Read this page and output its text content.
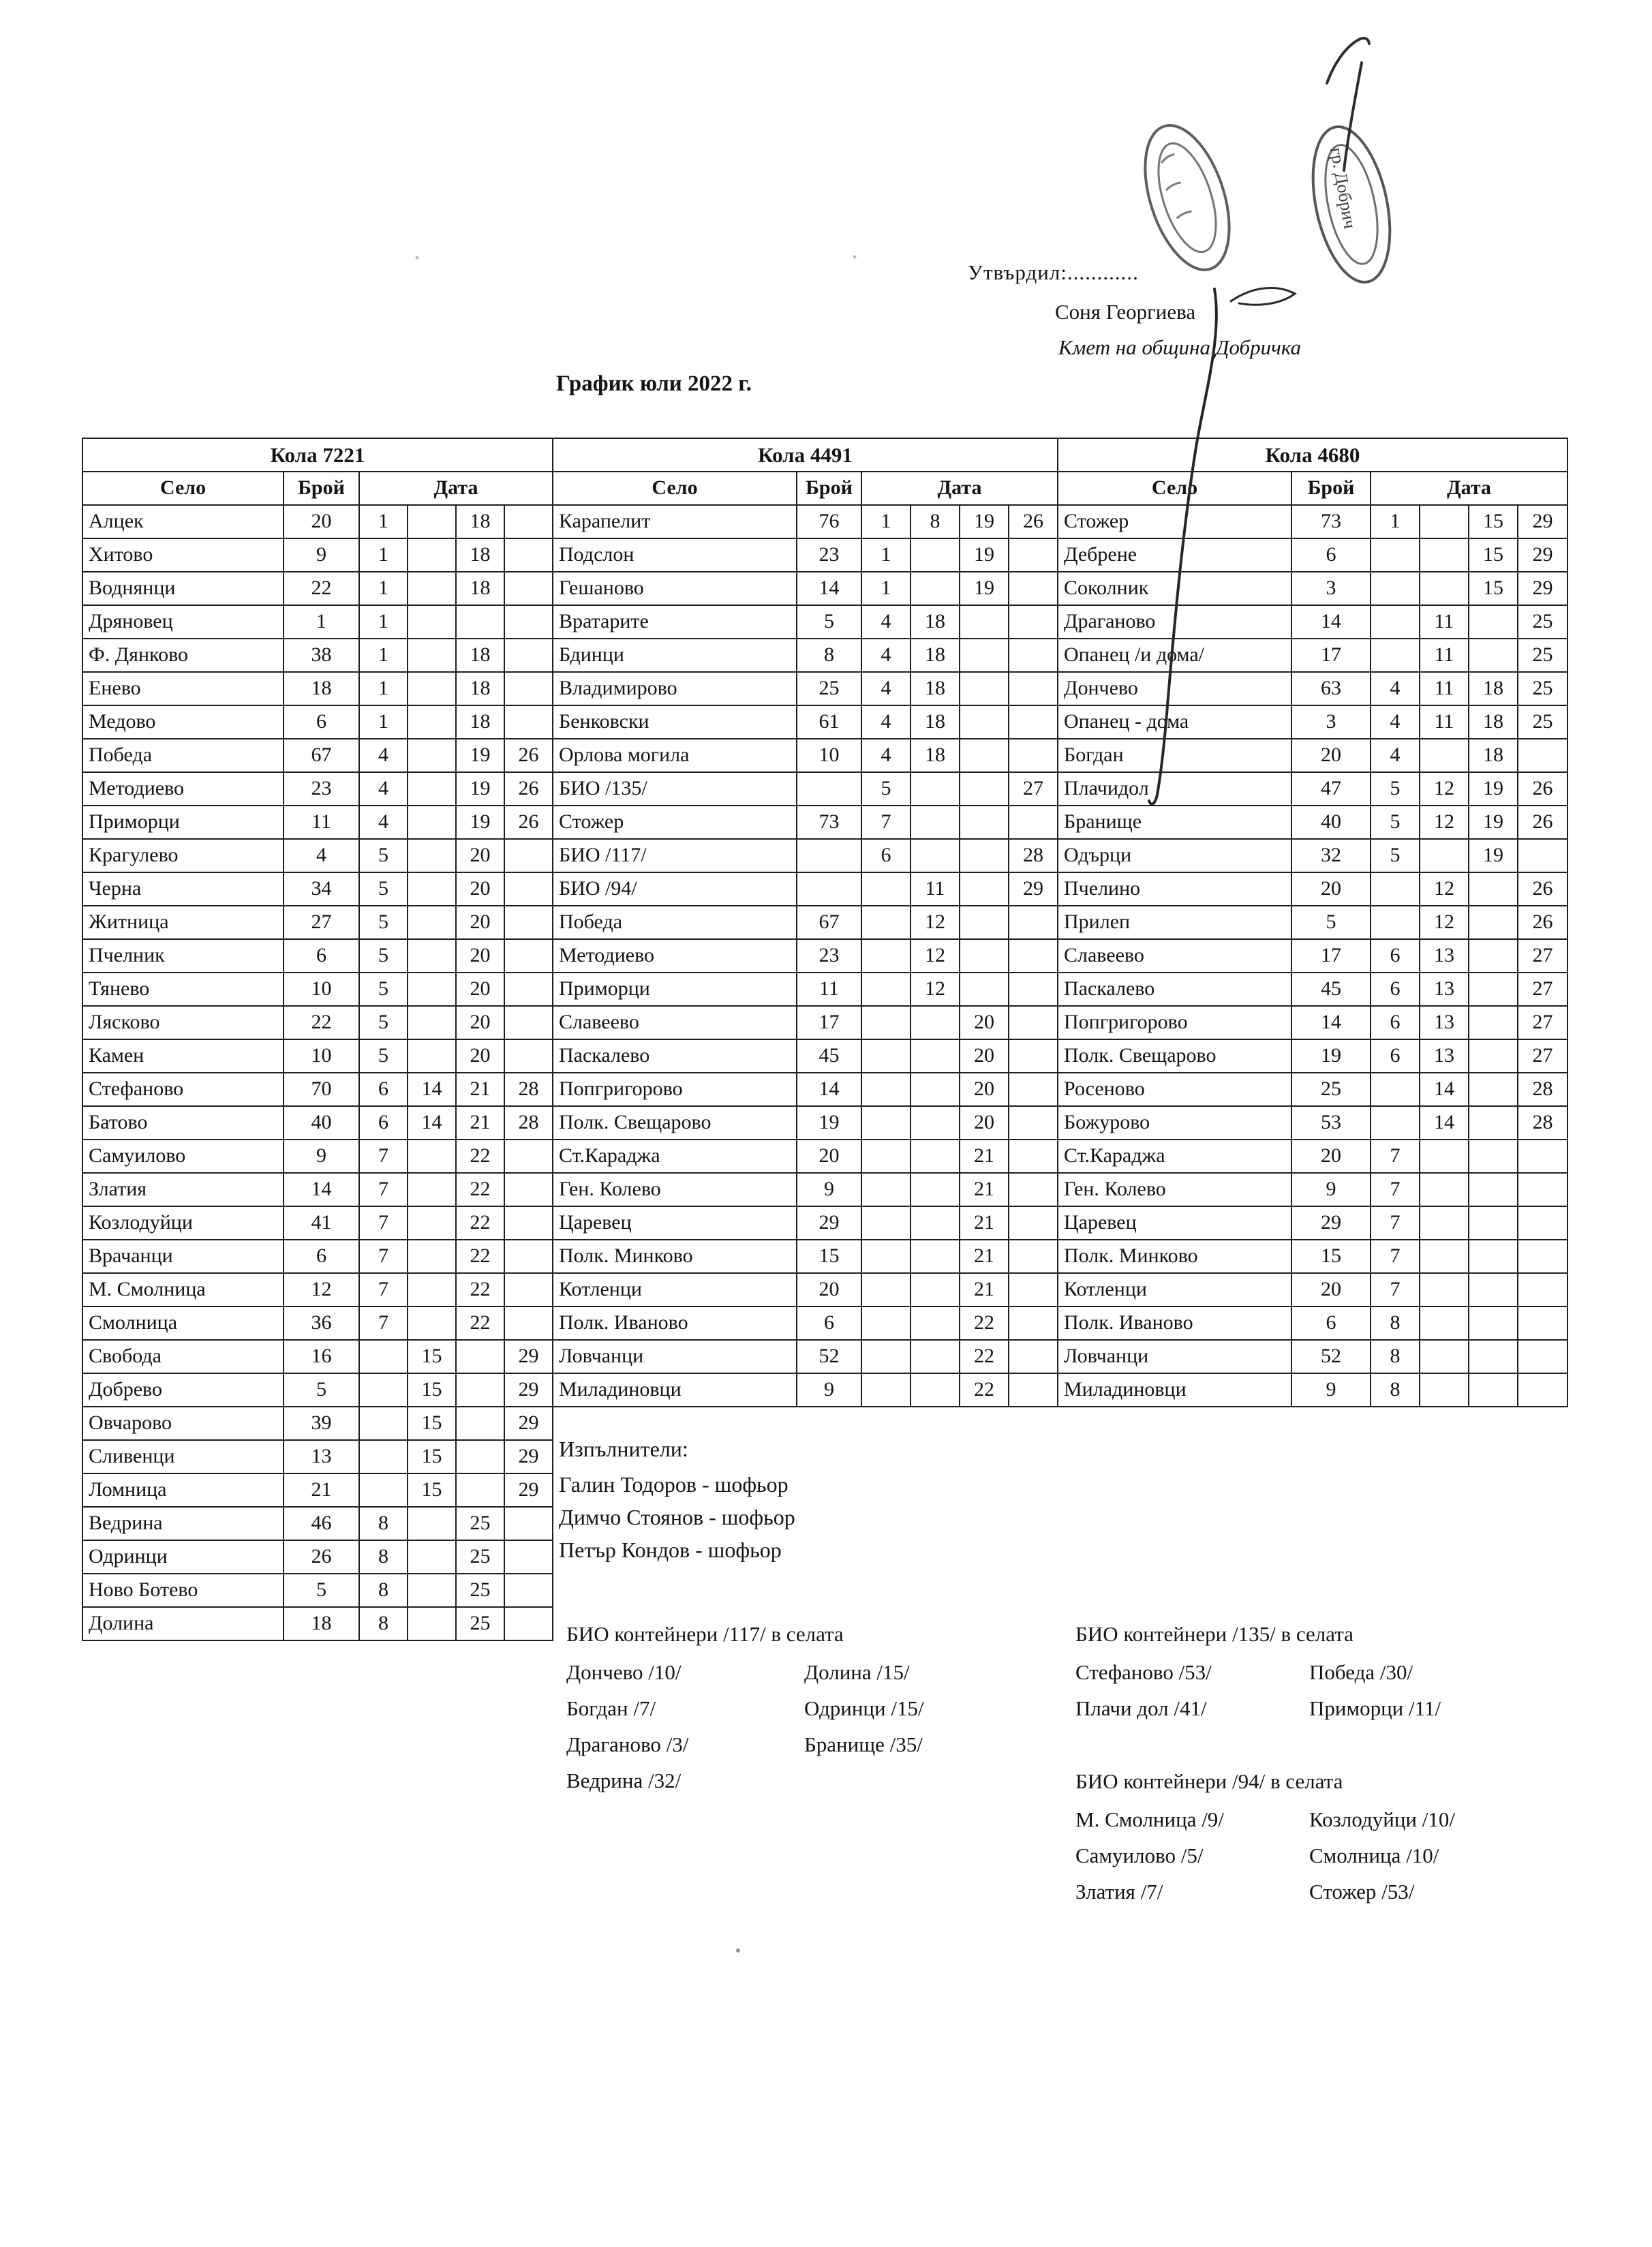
Утвърдил:............
Соня Георгиева
Кмет на община Добричка
График юли 2022 г.
Кола 7221					
Село	Брой	Дата			
Алцек	20	1		18	
Хитово	9	1		18	
Воднянци	22	1		18	
Дряновец	1	1			
Ф. Дянково	38	1		18	
Енево	18	1		18	
Медово	6	1		18	
Победа	67	4		19	26
Методиево	23	4		19	26
Приморци	11	4		19	26
Крагулево	4	5		20	
Черна	34	5		20	
Житница	27	5		20	
Пчелник	6	5		20	
Тянево	10	5		20	
Лясково	22	5		20	
Камен	10	5		20	
Стефаново	70	6	14	21	28
Батово	40	6	14	21	28
Самуилово	9	7		22	
Златия	14	7		22	
Козлодуйци	41	7		22	
Врачанци	6	7		22	
М. Смолница	12	7		22	
Смолница	36	7		22	
Свобода	16		15		29
Добрево	5		15		29
Овчарово	39		15		29
Сливенци	13		15		29
Ломница	21		15		29
Ведрина	46	8		25	
Одринци	26	8		25	
Ново Ботево	5	8		25	
Долина	18	8		25	
Кола 4491					
Село	Брой	Дата			
Карапелит	76	1	8	19	26
Подслон	23	1		19	
Гешаново	14	1		19	
Вратарите	5	4	18		
Бдинци	8	4	18		
Владимирово	25	4	18		
Бенковски	61	4	18		
Орлова могила	10	4	18		
БИО /135/		5			27
Стожер	73	7			
БИО /117/		6			28
БИО /94/			11		29
Победа	67		12		
Методиево	23		12		
Приморци	11		12		
Славеево	17			20	
Паскалево	45			20	
Попгригорово	14			20	
Полк. Свещарово	19			20	
Ст.Караджа	20			21	
Ген. Колево	9			21	
Царевец	29			21	
Полк. Минково	15			21	
Котленци	20			21	
Полк. Иваново	6			22	
Ловчанци	52			22	
Миладиновци	9			22	
Кола 4680					
Село	Брой	Дата			
Стожер	73	1		15	29
Дебрене	6			15	29
Соколник	3			15	29
Драганово	14		11		25
Опанец /и дома/	17		11		25
Дончево	63	4	11	18	25
Опанец - дома	3	4	11	18	25
Богдан	20	4		18	
Плачидол	47	5	12	19	26
Бранище	40	5	12	19	26
Одърци	32	5		19	
Пчелино	20		12		26
Прилеп	5		12		26
Славеево	17	6	13		27
Паскалево	45	6	13		27
Попгригорово	14	6	13		27
Полк. Свещарово	19	6	13		27
Росеново	25		14		28
Божурово	53		14		28
Ст.Караджа	20	7			
Ген. Колево	9	7			
Царевец	29	7			
Полк. Минково	15	7			
Котленци	20	7			
Полк. Иваново	6	8			
Ловчанци	52	8			
Миладиновци	9	8			
Изпълнители:
Галин Тодоров - шофьор
Димчо Стоянов - шофьор
Петър Кондов - шофьор
БИО контейнери /117/ в селата
Дончево /10/	Долина /15/
Богдан /7/	Одринци /15/
Драганово /3/	Бранище /35/
Ведрина /32/
БИО контейнери /135/ в селата
Стефаново /53/	Победа /30/
Плачи дол /41/	Приморци /11/
БИО контейнери /94/ в селата
М. Смолница /9/	Козлодуйци /10/
Самуилово /5/	Смолница /10/
Златия /7/	Стожер /53/
гр. Добрич
